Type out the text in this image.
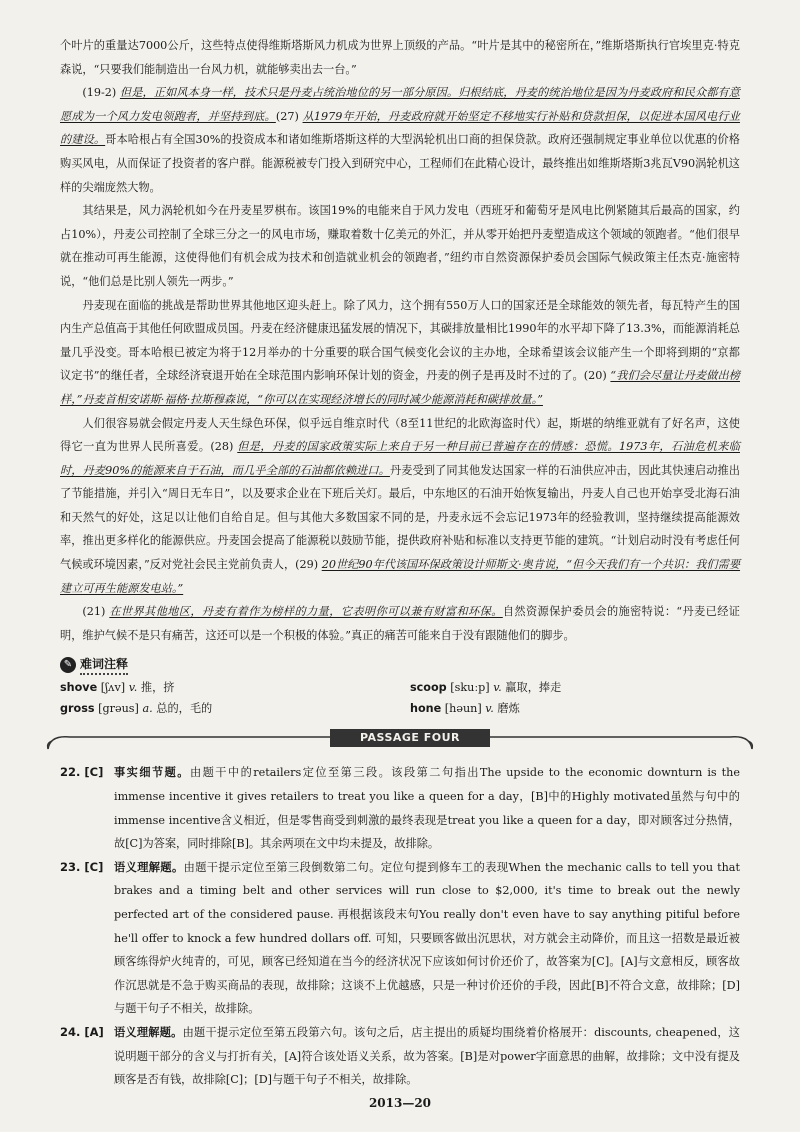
个叶片的重量达7000公斤，这些特点使得维斯塔斯风力机成为世界上顶级的产品。“叶片是其中的秘密所在，”维斯塔斯执行官埃里克·特克森说，“只要我们能制造出一台风力机，就能够卖出去一台。”

(19-2) 但是，正如风本身一样，技术只是丹麦占统治地位的另一部分原因。归根结底，丹麦的统治地位是因为丹麦政府和民众都有意愿成为一个风力发电领跑者，并坚持到底。(27) 从1979年开始，丹麦政府就开始坚定不移地实行补贴和贷款担保，以促进本国风电行业的建设。哥本哈根占有全国30%的投资成本和诸如维斯塔斯这样的大型涡轮机出口商的担保贷款。政府还强制规定事业单位以优惠的价格购买风电，从而保证了投资者的客户群。能源税被专门投入到研究中心，工程师们在此精心设计，最终推出如维斯塔斯3兆瓦V90涡轮机这样的尖端庞然大物。

其结果是，风力涡轮机如今在丹麦星罗棋布。该国19%的电能来自于风力发电（西班牙和葡萄牙是风电比例紧随其后最高的国家，约占10%），丹麦公司控制了全球三分之一的风电市场，赚取着数十亿美元的外汇，并从零开始把丹麦塑造成这个领域的领跑者。“他们很早就在推动可再生能源，这使得他们有机会成为技术和创造就业机会的领跑者，”纽约市自然资源保护委员会国际气候政策主任杰克·施密特说，“他们总是比别人领先一两步。”

丹麦现在面临的挑战是帮助世界其他地区迎头赶上。除了风力，这个拥有550万人口的国家还是全球能效的领先者，每瓦特产生的国内生产总值高于其他任何欧盟成员国。丹麦在经济健康迅猛发展的情况下，其碳排放量相比1990年的水平却下降了13.3%，而能源消耗总量几乎没变。哥本哈根已被定为将于12月举办的十分重要的联合国气候变化会议的主办地，全球希望该会议能产生一个即将到期的“京都议定书”的继任者，全球经济衰退开始在全球范围内影响环保计划的资金，丹麦的例子是再及时不过的了。(20) “我们会尽量让丹麦做出榜样，”丹麦首相安诺斯·福格·拉斯穆森说，“你可以在实现经济增长的同时减少能源消耗和碳排放量。”

人们很容易就会假定丹麦人天生绿色环保，似乎远自维京时代（8至11世纪的北欧海盗时代）起，斯堪的纳维亚就有了好名声，这使得它一直为世界人民所喜爱。(28) 但是，丹麦的国家政策实际上来自于另一种目前已普遍存在的情感：恐慌。1973年，石油危机来临时，丹麦90%的能源来自于石油，而几乎全部的石油都依赖进口。丹麦受到了同其他发达国家一样的石油供应冲击，因此其快速启动推出了节能措施，并引入“周日无车日”，以及要求企业在下班后关灯。最后，中东地区的石油开始恢复输出，丹麦人自己也开始享受北海石油和天然气的好处，这足以让他们自给自足。但与其他大多数国家不同的是，丹麦永远不会忘记1973年的经验教训，坚持继续提高能源效率，推出更多样化的能源供应。丹麦国会提高了能源税以鼓励节能，提供政府补贴和标准以支持更节能的建筑。“计划启动时没有考虑任何气候或环境因素，”反对党社会民主党前负责人，(29) 20世纪90年代该国环保政策设计师斯文·奥肯说，“但今天我们有一个共识：我们需要建立可再生能源发电站。”

(21) 在世界其他地区，丹麦有着作为榜样的力量，它表明你可以兼有财富和环保。自然资源保护委员会的施密特说：“丹麦已经证明，维护气候不是只有痛苦，这还可以是一个积极的体验。”真正的痛苦可能来自于没有跟随他们的脚步。

✎ 难词注释
shove [ʃʌv] v. 推，挤	scoop [skuːp] v. 赢取，捧走
gross [grəus] a. 总的，毛的	hone [həun] v. 磨炼
PASSAGE FOUR
22. [C] 事实细节题。由题干中的retailers定位至第三段。该段第二句指出The upside to the economic downturn is the immense incentive it gives retailers to treat you like a queen for a day，[B]中的Highly motivated虽然与句中的immense incentive含义相近，但是零售商受到刺激的最终表现是treat you like a queen for a day，即对顾客过分热情，故[C]为答案，同时排除[B]。其余两项在文中均未提及，故排除。
23. [C] 语义理解题。由题干提示定位至第三段倒数第二句。定位句提到修车工的表现When the mechanic calls to tell you that brakes and a timing belt and other services will run close to $2,000, it's time to break out the newly perfected art of the considered pause. 再根据该段末句You really don't even have to say anything pitiful before he'll offer to knock a few hundred dollars off. 可知，只要顾客做出沉思状，对方就会主动降价，而且这一招数是最近被顾客练得炉火纯青的，可见，顾客已经知道在当今的经济状况下应该如何讨价还价了，故答案为[C]。[A]与文意相反，顾客故作沉思就是不急于购买商品的表现，故排除；这谈不上优越感，只是一种讨价还价的手段，因此[B]不符合文意，故排除；[D]与题干句子不相关，故排除。
24. [A] 语义理解题。由题干提示定位至第五段第六句。该句之后，店主提出的质疑均围绕着价格展开：discounts, cheapened，这说明题干部分的含义与打折有关，[A]符合该处语义关系，故为答案。[B]是对power字面意思的曲解，故排除；文中没有提及顾客是否有钱，故排除[C]；[D]与题干句子不相关，故排除。
2013—20
